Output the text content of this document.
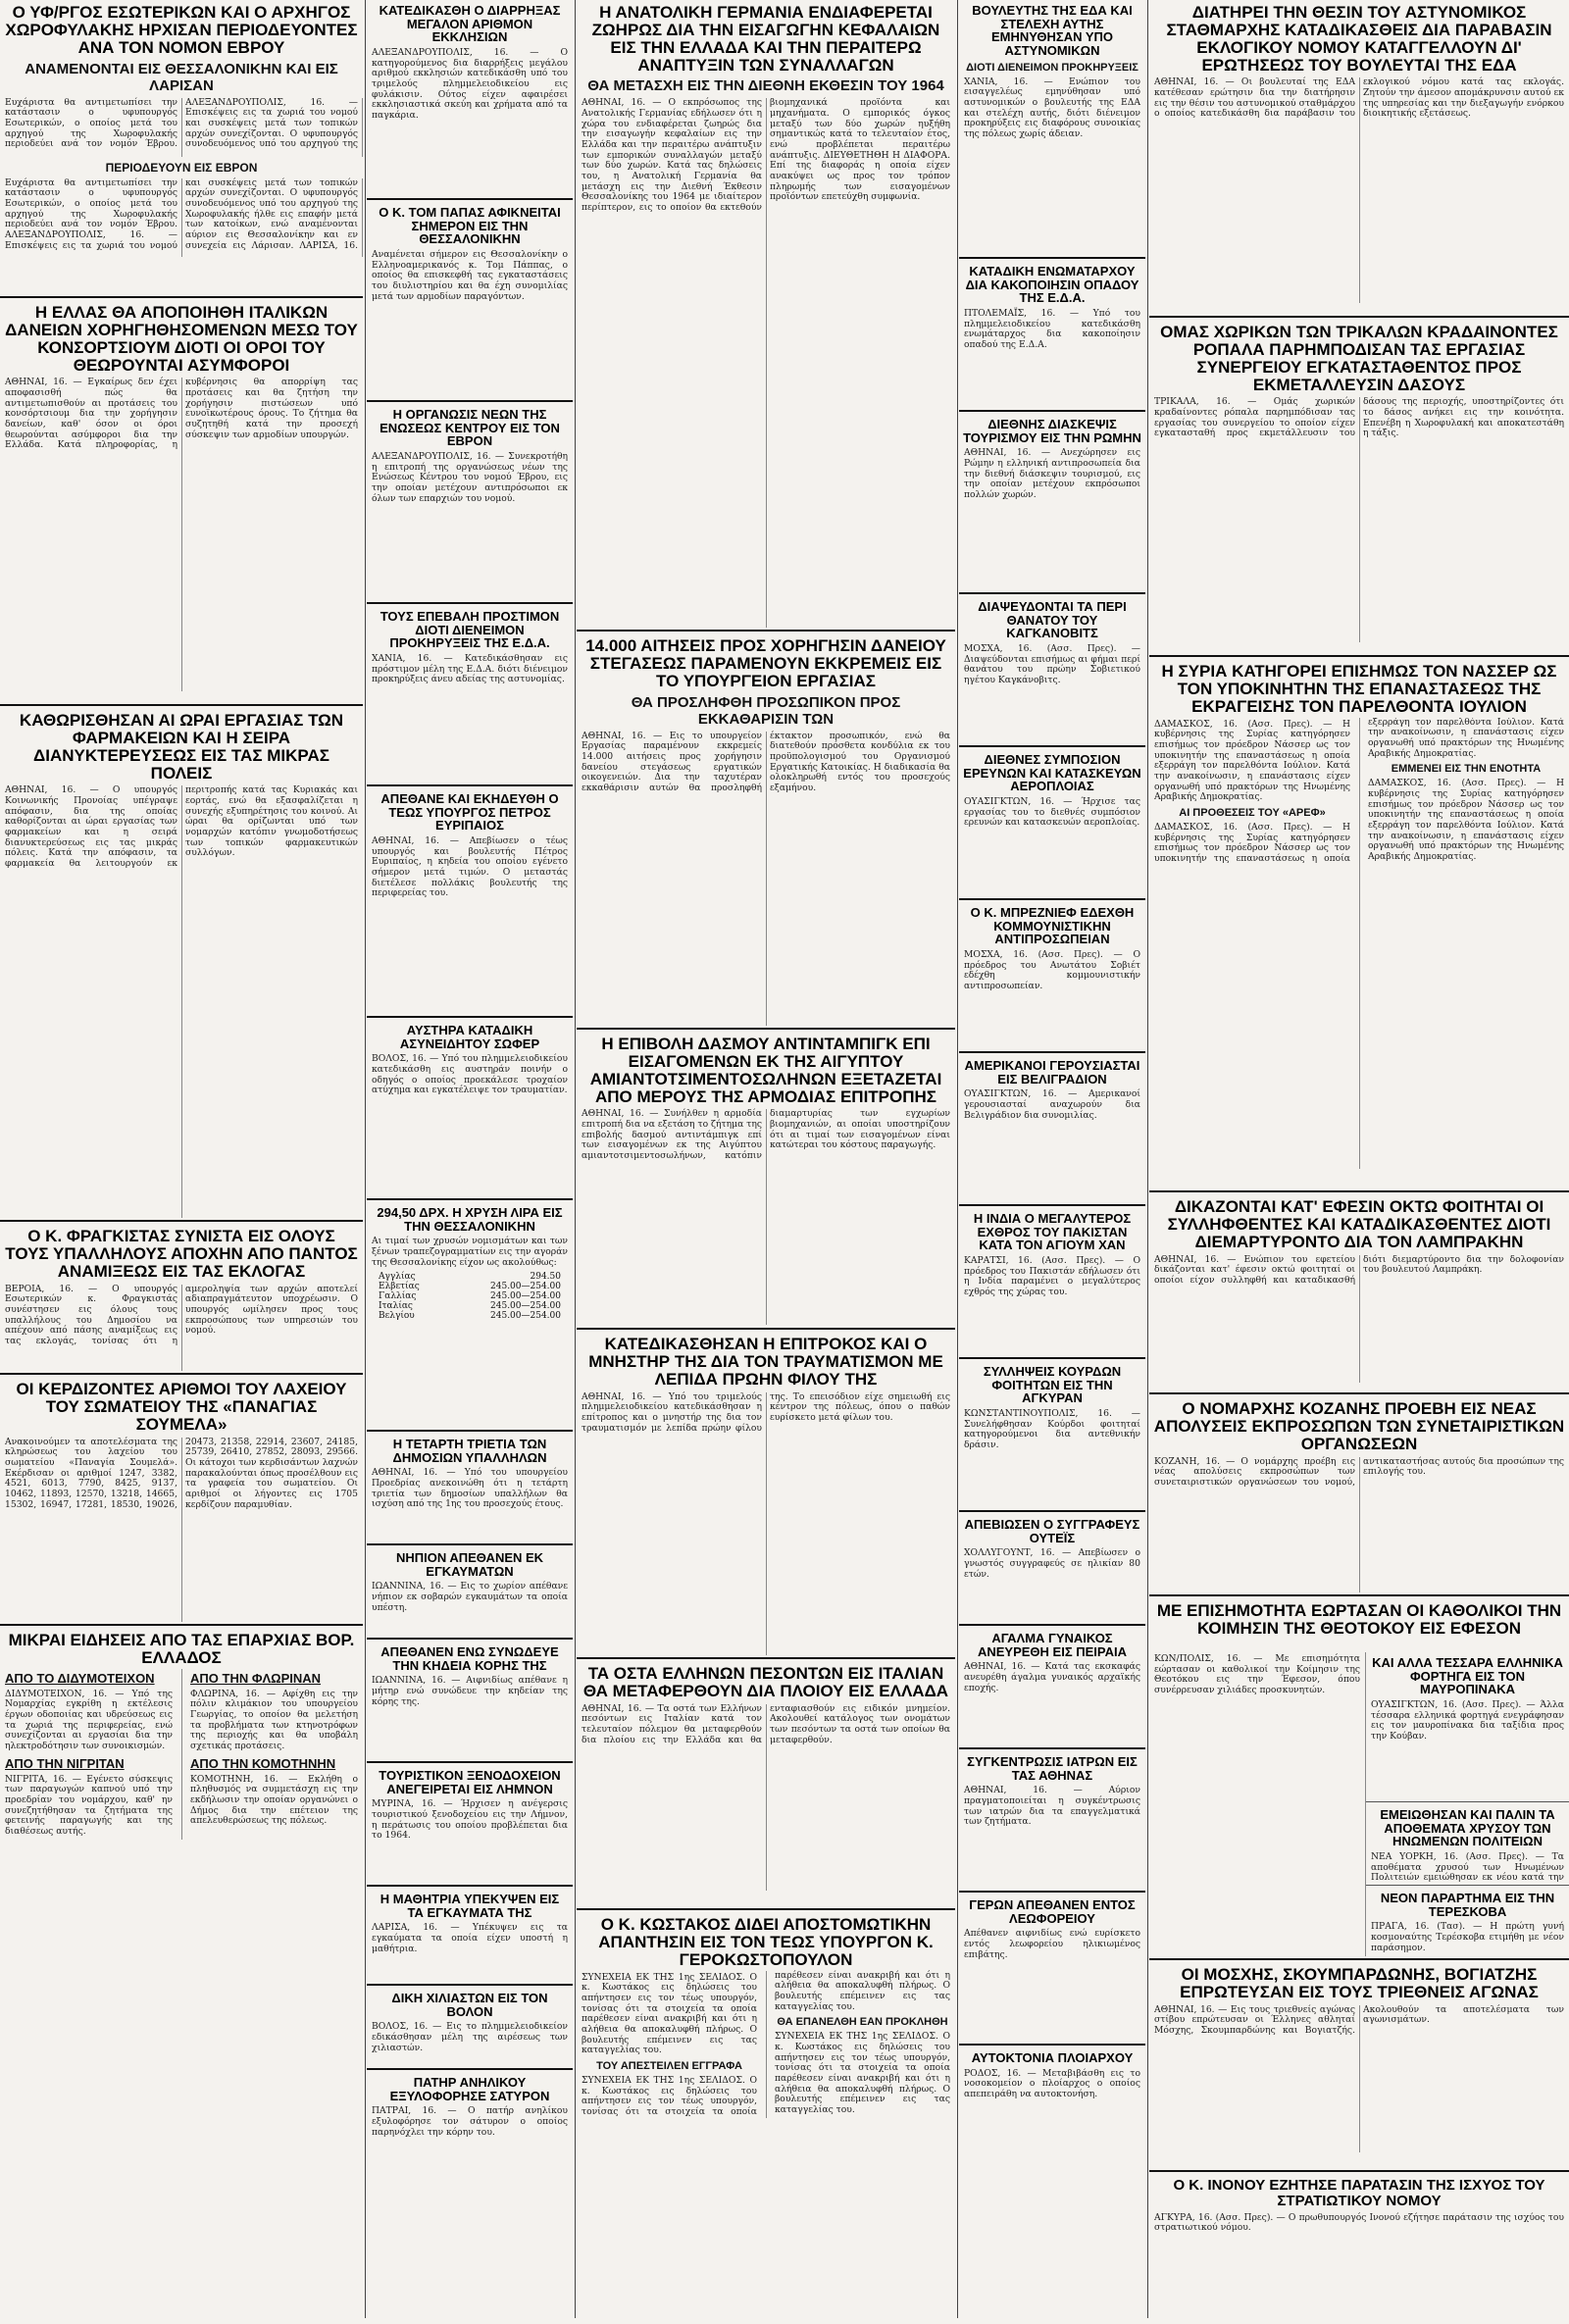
Ο ΥΦ/ΡΓΟΣ ΕΣΩΤΕΡΙΚΩΝ ΚΑΙ Ο ΑΡΧΗΓΟΣ ΧΩΡΟΦΥΛΑΚΗΣ ΗΡΧΙΣΑΝ ΠΕΡΙΟΔΕΥΟΝΤΕΣ ΑΝΑ ΤΟΝ ΝΟΜΟΝ ΕΒΡΟΥ
ΑΝΑΜΕΝΟΝΤΑΙ ΕΙΣ ΘΕΣΣΑΛΟΝΙΚΗΝ ΚΑΙ ΕΙΣ ΛΑΡΙΣΑΝ
Ευχάριστα θα αντιμετωπίσει την κατάστασιν ο υφυπουργός Εσωτερικών, ο οποίος μετά του αρχηγού της Χωροφυλακής περιοδεύει ανά τον νομόν Έβρου. ΑΛΕΞΑΝΔΡΟΥΠΟΛΙΣ, 16. — Επισκέψεις εις τα χωριά του νομού και συσκέψεις μετά των τοπικών αρχών συνεχίζονται. Ο υφυπουργός συνοδευόμενος υπό του αρχηγού της
ΠΕΡΙΟΔΕΥΟΥΝ ΕΙΣ ΕΒΡΟΝ
Ευχάριστα θα αντιμετωπίσει την κατάστασιν ο υφυπουργός Εσωτερικών, ο οποίος μετά του αρχηγού της Χωροφυλακής περιοδεύει ανά τον νομόν Έβρου. ΑΛΕΞΑΝΔΡΟΥΠΟΛΙΣ, 16. — Επισκέψεις εις τα χωριά του νομού και συσκέψεις μετά των τοπικών αρχών συνεχίζονται. Ο υφυπουργός συνοδευόμενος υπό του αρχηγού της Χωροφυλακής ήλθε εις επαφήν μετά των κατοίκων, ενώ αναμένονται αύριον εις Θεσσαλονίκην και εν συνεχεία εις Λάρισαν. ΛΑΡΙΣΑ, 16.
Η ΕΛΛΑΣ ΘΑ ΑΠΟΠΟΙΗΘΗ ΙΤΑΛΙΚΩΝ ΔΑΝΕΙΩΝ ΧΟΡΗΓΗΘΗΣΟΜΕΝΩΝ ΜΕΣΩ ΤΟΥ ΚΟΝΣΟΡΤΣΙΟΥΜ ΔΙΟΤΙ ΟΙ ΟΡΟΙ ΤΟΥ ΘΕΩΡΟΥΝΤΑΙ ΑΣΥΜΦΟΡΟΙ
ΑΘΗΝΑΙ, 16. — Εγκαίρως δεν έχει αποφασισθή πώς θα αντιμετωπισθούν αι προτάσεις του κονσόρτσιουμ δια την χορήγησιν δανείων, καθ' όσον οι όροι θεωρούνται ασύμφοροι δια την Ελλάδα. Κατά πληροφορίας, η κυβέρνησις θα απορρίψη τας προτάσεις και θα ζητήση την χορήγησιν πιστώσεων υπό ευνοϊκωτέρους όρους. Το ζήτημα θα συζητηθή κατά την προσεχή σύσκεψιν των αρμοδίων υπουργών.
ΚΑΘΩΡΙΣΘΗΣΑΝ ΑΙ ΩΡΑΙ ΕΡΓΑΣΙΑΣ ΤΩΝ ΦΑΡΜΑΚΕΙΩΝ ΚΑΙ Η ΣΕΙΡΑ ΔΙΑΝΥΚΤΕΡΕΥΣΕΩΣ ΕΙΣ ΤΑΣ ΜΙΚΡΑΣ ΠΟΛΕΙΣ
ΑΘΗΝΑΙ, 16. — Ο υπουργός Κοινωνικής Προνοίας υπέγραψε απόφασιν, δια της οποίας καθορίζονται αι ώραι εργασίας των φαρμακείων και η σειρά διανυκτερεύσεως εις τας μικράς πόλεις. Κατά την απόφασιν, τα φαρμακεία θα λειτουργούν εκ περιτροπής κατά τας Κυριακάς και εορτάς, ενώ θα εξασφαλίζεται η συνεχής εξυπηρέτησις του κοινού. Αι ώραι θα ορίζωνται υπό των νομαρχών κατόπιν γνωμοδοτήσεως των τοπικών φαρμακευτικών συλλόγων.
Ο Κ. ΦΡΑΓΚΙΣΤΑΣ ΣΥΝΙΣΤΑ ΕΙΣ ΟΛΟΥΣ ΤΟΥΣ ΥΠΑΛΛΗΛΟΥΣ ΑΠΟΧΗΝ ΑΠΟ ΠΑΝΤΟΣ ΑΝΑΜΙΞΕΩΣ ΕΙΣ ΤΑΣ ΕΚΛΟΓΑΣ
ΒΕΡΟΙΑ, 16. — Ο υπουργός Εσωτερικών κ. Φραγκιστάς συνέστησεν εις όλους τους υπαλλήλους του Δημοσίου να απέχουν από πάσης αναμίξεως εις τας εκλογάς, τονίσας ότι η αμεροληψία των αρχών αποτελεί αδιαπραγμάτευτον υποχρέωσιν. Ο υπουργός ωμίλησεν προς τους εκπροσώπους των υπηρεσιών του νομού.
ΟΙ ΚΕΡΔΙΖΟΝΤΕΣ ΑΡΙΘΜΟΙ ΤΟΥ ΛΑΧΕΙΟΥ ΤΟΥ ΣΩΜΑΤΕΙΟΥ ΤΗΣ «ΠΑΝΑΓΙΑΣ ΣΟΥΜΕΛΑ»
Ανακοινούμεν τα αποτελέσματα της κληρώσεως του λαχείου του σωματείου «Παναγία Σουμελά». Εκέρδισαν οι αριθμοί 1247, 3382, 4521, 6013, 7790, 8425, 9137, 10462, 11893, 12570, 13218, 14665, 15302, 16947, 17281, 18530, 19026, 20473, 21358, 22914, 23607, 24185, 25739, 26410, 27852, 28093, 29566. Οι κάτοχοι των κερδισάντων λαχνών παρακαλούνται όπως προσέλθουν εις τα γραφεία του σωματείου. Οι αριθμοί οι λήγοντες εις 1705 κερδίζουν παραμυθίαν.
ΜΙΚΡΑΙ ΕΙΔΗΣΕΙΣ ΑΠΟ ΤΑΣ ΕΠΑΡΧΙΑΣ ΒΟΡ. ΕΛΛΑΔΟΣ
ΑΠΟ ΤΟ ΔΙΔΥΜΟΤΕΙΧΟΝ
ΔΙΔΥΜΟΤΕΙΧΟΝ, 16. — Υπό της Νομαρχίας εγκρίθη η εκτέλεσις έργων οδοποιίας και υδρεύσεως εις τα χωριά της περιφερείας, ενώ συνεχίζονται αι εργασίαι δια την ηλεκτροδότησιν των συνοικισμών.
ΑΠΟ ΤΗΝ ΝΙΓΡΙΤΑΝ
ΝΙΓΡΙΤΑ, 16. — Εγένετο σύσκεψις των παραγωγών καπνού υπό την προεδρίαν του νομάρχου, καθ' ην συνεζητήθησαν τα ζητήματα της φετεινής παραγωγής και της διαθέσεως αυτής.
ΑΠΟ ΤΗΝ ΦΛΩΡΙΝΑΝ
ΦΛΩΡΙΝΑ, 16. — Αφίχθη εις την πόλιν κλιμάκιον του υπουργείου Γεωργίας, το οποίον θα μελετήση τα προβλήματα των κτηνοτρόφων της περιοχής και θα υποβάλη σχετικάς προτάσεις.
ΑΠΟ ΤΗΝ ΚΟΜΟΤΗΝΗΝ
ΚΟΜΟΤΗΝΗ, 16. — Εκλήθη ο πληθυσμός να συμμετάσχη εις την εκδήλωσιν την οποίαν οργανώνει ο Δήμος δια την επέτειον της απελευθερώσεως της πόλεως.
ΚΑΤΕΔΙΚΑΣΘΗ Ο ΔΙΑΡΡΗΞΑΣ ΜΕΓΑΛΟΝ ΑΡΙΘΜΟΝ ΕΚΚΛΗΣΙΩΝ
ΑΛΕΞΑΝΔΡΟΥΠΟΛΙΣ, 16. — Ο κατηγορούμενος δια διαρρήξεις μεγάλου αριθμού εκκλησιών κατεδικάσθη υπό του τριμελούς πλημμελειοδικείου εις φυλάκισιν. Ούτος είχεν αφαιρέσει εκκλησιαστικά σκεύη και χρήματα από τα παγκάρια.
Ο Κ. ΤΟΜ ΠΑΠΑΣ ΑΦΙΚΝΕΙΤΑΙ ΣΗΜΕΡΟΝ ΕΙΣ ΤΗΝ ΘΕΣΣΑΛΟΝΙΚΗΝ
Αναμένεται σήμερον εις Θεσσαλονίκην ο Ελληνοαμερικανός κ. Τομ Πάππας, ο οποίος θα επισκεφθή τας εγκαταστάσεις του διυλιστηρίου και θα έχη συνομιλίας μετά των αρμοδίων παραγόντων.
Η ΟΡΓΑΝΩΣΙΣ ΝΕΩΝ ΤΗΣ ΕΝΩΣΕΩΣ ΚΕΝΤΡΟΥ ΕΙΣ ΤΟΝ ΕΒΡΟΝ
ΑΛΕΞΑΝΔΡΟΥΠΟΛΙΣ, 16. — Συνεκροτήθη η επιτροπή της οργανώσεως νέων της Ενώσεως Κέντρου του νομού Έβρου, εις την οποίαν μετέχουν αντιπρόσωποι εκ όλων των επαρχιών του νομού.
ΤΟΥΣ ΕΠΕΒΑΛΗ ΠΡΟΣΤΙΜΟΝ ΔΙΟΤΙ ΔΙΕΝΕΙΜΟΝ ΠΡΟΚΗΡΥΞΕΙΣ ΤΗΣ Ε.Δ.Α.
ΧΑΝΙΑ, 16. — Κατεδικάσθησαν εις πρόστιμον μέλη της Ε.Δ.Α. διότι διένειμον προκηρύξεις άνευ αδείας της αστυνομίας.
ΑΠΕΘΑΝΕ ΚΑΙ ΕΚΗΔΕΥΘΗ Ο ΤΕΩΣ ΥΠΟΥΡΓΟΣ ΠΕΤΡΟΣ ΕΥΡΙΠΑΙΟΣ
ΑΘΗΝΑΙ, 16. — Απεβίωσεν ο τέως υπουργός και βουλευτής Πέτρος Ευριπαίος, η κηδεία του οποίου εγένετο σήμερον μετά τιμών. Ο μεταστάς διετέλεσε πολλάκις βουλευτής της περιφερείας του.
ΑΥΣΤΗΡΑ ΚΑΤΑΔΙΚΗ ΑΣΥΝΕΙΔΗΤΟΥ ΣΩΦΕΡ
ΒΟΛΟΣ, 16. — Υπό του πλημμελειοδικείου κατεδικάσθη εις αυστηράν ποινήν ο οδηγός ο οποίος προεκάλεσε τροχαίον ατύχημα και εγκατέλειψε τον τραυματίαν.
294,50 ΔΡΧ. Η ΧΡΥΣΗ ΛΙΡΑ ΕΙΣ ΤΗΝ ΘΕΣΣΑΛΟΝΙΚΗΝ
Αι τιμαί των χρυσών νομισμάτων και των ξένων τραπεζογραμματίων εις την αγοράν της Θεσσαλονίκης είχον ως ακολούθως:
Αγγλίας	294.50
Ελβετίας	245.00—254.00
Γαλλίας	245.00—254.00
Ιταλίας	245.00—254.00
Βελγίου	245.00—254.00
Η ΤΕΤΑΡΤΗ ΤΡΙΕΤΙΑ ΤΩΝ ΔΗΜΟΣΙΩΝ ΥΠΑΛΛΗΛΩΝ
ΑΘΗΝΑΙ, 16. — Υπό του υπουργείου Προεδρίας ανεκοινώθη ότι η τετάρτη τριετία των δημοσίων υπαλλήλων θα ισχύση από της 1ης του προσεχούς έτους.
ΝΗΠΙΟΝ ΑΠΕΘΑΝΕΝ ΕΚ ΕΓΚΑΥΜΑΤΩΝ
ΙΩΑΝΝΙΝΑ, 16. — Εις το χωρίον απέθανε νήπιον εκ σοβαρών εγκαυμάτων τα οποία υπέστη.
ΑΠΕΘΑΝΕΝ ΕΝΩ ΣΥΝΩΔΕΥΕ ΤΗΝ ΚΗΔΕΙΑ ΚΟΡΗΣ ΤΗΣ
ΙΩΑΝΝΙΝΑ, 16. — Αιφνιδίως απέθανε η μήτηρ ενώ συνώδευε την κηδείαν της κόρης της.
ΤΟΥΡΙΣΤΙΚΟΝ ΞΕΝΟΔΟΧΕΙΟΝ ΑΝΕΓΕΙΡΕΤΑΙ ΕΙΣ ΛΗΜΝΟΝ
ΜΥΡΙΝΑ, 16. — Ήρχισεν η ανέγερσις τουριστικού ξενοδοχείου εις την Λήμνον, η περάτωσις του οποίου προβλέπεται δια το 1964.
Η ΜΑΘΗΤΡΙΑ ΥΠΕΚΥΨΕΝ ΕΙΣ ΤΑ ΕΓΚΑΥΜΑΤΑ ΤΗΣ
ΛΑΡΙΣΑ, 16. — Υπέκυψεν εις τα εγκαύματα τα οποία είχεν υποστή η μαθήτρια.
ΔΙΚΗ ΧΙΛΙΑΣΤΩΝ ΕΙΣ ΤΟΝ ΒΟΛΟΝ
ΒΟΛΟΣ, 16. — Εις το πλημμελειοδικείον εδικάσθησαν μέλη της αιρέσεως των χιλιαστών.
ΠΑΤΗΡ ΑΝΗΛΙΚΟΥ ΕΞΥΛΟΦΟΡΗΣΕ ΣΑΤΥΡΟΝ
ΠΑΤΡΑΙ, 16. — Ο πατήρ ανηλίκου εξυλοφόρησε τον σάτυρον ο οποίος παρηνόχλει την κόρην του.
Η ΑΝΑΤΟΛΙΚΗ ΓΕΡΜΑΝΙΑ ΕΝΔΙΑΦΕΡΕΤΑΙ ΖΩΗΡΩΣ ΔΙΑ ΤΗΝ ΕΙΣΑΓΩΓΗΝ ΚΕΦΑΛΑΙΩΝ ΕΙΣ ΤΗΝ ΕΛΛΑΔΑ ΚΑΙ ΤΗΝ ΠΕΡΑΙΤΕΡΩ ΑΝΑΠΤΥΞΙΝ ΤΩΝ ΣΥΝΑΛΛΑΓΩΝ
ΘΑ ΜΕΤΑΣΧΗ ΕΙΣ ΤΗΝ ΔΙΕΘΝΗ ΕΚΘΕΣΙΝ ΤΟΥ 1964
ΑΘΗΝΑΙ, 16. — Ο εκπρόσωπος της Ανατολικής Γερμανίας εδήλωσεν ότι η χώρα του ενδιαφέρεται ζωηρώς δια την εισαγωγήν κεφαλαίων εις την Ελλάδα και την περαιτέρω ανάπτυξιν των εμπορικών συναλλαγών μεταξύ των δύο χωρών. Κατά τας δηλώσεις του, η Ανατολική Γερμανία θα μετάσχη εις την Διεθνή Έκθεσιν Θεσσαλονίκης του 1964 με ιδιαίτερον περίπτερον, εις το οποίον θα εκτεθούν βιομηχανικά προϊόντα και μηχανήματα. Ο εμπορικός όγκος μεταξύ των δύο χωρών ηυξήθη σημαντικώς κατά το τελευταίον έτος, ενώ προβλέπεται περαιτέρω ανάπτυξις. ΔΙΕΥΘΕΤΗΘΗ Η ΔΙΑΦΟΡΑ. Επί της διαφοράς η οποία είχεν ανακύψει ως προς τον τρόπον πληρωμής των εισαγομένων προϊόντων επετεύχθη συμφωνία.
14.000 ΑΙΤΗΣΕΙΣ ΠΡΟΣ ΧΟΡΗΓΗΣΙΝ ΔΑΝΕΙΟΥ ΣΤΕΓΑΣΕΩΣ ΠΑΡΑΜΕΝΟΥΝ ΕΚΚΡΕΜΕΙΣ ΕΙΣ ΤΟ ΥΠΟΥΡΓΕΙΟΝ ΕΡΓΑΣΙΑΣ
ΘΑ ΠΡΟΣΛΗΦΘΗ ΠΡΟΣΩΠΙΚΟΝ ΠΡΟΣ ΕΚΚΑΘΑΡΙΣΙΝ ΤΩΝ
ΑΘΗΝΑΙ, 16. — Εις το υπουργείον Εργασίας παραμένουν εκκρεμείς 14.000 αιτήσεις προς χορήγησιν δανείου στεγάσεως εργατικών οικογενειών. Δια την ταχυτέραν εκκαθάρισιν αυτών θα προσληφθή έκτακτον προσωπικόν, ενώ θα διατεθούν πρόσθετα κονδύλια εκ του προϋπολογισμού του Οργανισμού Εργατικής Κατοικίας. Η διαδικασία θα ολοκληρωθή εντός του προσεχούς εξαμήνου.
Η ΕΠΙΒΟΛΗ ΔΑΣΜΟΥ ΑΝΤΙΝΤΑΜΠΙΓΚ ΕΠΙ ΕΙΣΑΓΟΜΕΝΩΝ ΕΚ ΤΗΣ ΑΙΓΥΠΤΟΥ ΑΜΙΑΝΤΟΤΣΙΜΕΝΤΟΣΩΛΗΝΩΝ ΕΞΕΤΑΖΕΤΑΙ ΑΠΟ ΜΕΡΟΥΣ ΤΗΣ ΑΡΜΟΔΙΑΣ ΕΠΙΤΡΟΠΗΣ
ΑΘΗΝΑΙ, 16. — Συνήλθεν η αρμοδία επιτροπή δια να εξετάση το ζήτημα της επιβολής δασμού αντιντάμπιγκ επί των εισαγομένων εκ της Αιγύπτου αμιαντοτσιμεντοσωλήνων, κατόπιν διαμαρτυρίας των εγχωρίων βιομηχανιών, αι οποίαι υποστηρίζουν ότι αι τιμαί των εισαγομένων είναι κατώτεραι του κόστους παραγωγής.
ΚΑΤΕΔΙΚΑΣΘΗΣΑΝ Η ΕΠΙΤΡΟΚΟΣ ΚΑΙ Ο ΜΝΗΣΤΗΡ ΤΗΣ ΔΙΑ ΤΟΝ ΤΡΑΥΜΑΤΙΣΜΟΝ ΜΕ ΛΕΠΙΔΑ ΠΡΩΗΝ ΦΙΛΟΥ ΤΗΣ
ΑΘΗΝΑΙ, 16. — Υπό του τριμελούς πλημμελειοδικείου κατεδικάσθησαν η επίτροπος και ο μνηστήρ της δια τον τραυματισμόν με λεπίδα πρώην φίλου της. Το επεισόδιον είχε σημειωθή εις κέντρον της πόλεως, όπου ο παθών ευρίσκετο μετά φίλων του.
ΤΑ ΟΣΤΑ ΕΛΛΗΝΩΝ ΠΕΣΟΝΤΩΝ ΕΙΣ ΙΤΑΛΙΑΝ ΘΑ ΜΕΤΑΦΕΡΘΟΥΝ ΔΙΑ ΠΛΟΙΟΥ ΕΙΣ ΕΛΛΑΔΑ
ΑΘΗΝΑΙ, 16. — Τα οστά των Ελλήνων πεσόντων εις Ιταλίαν κατά τον τελευταίον πόλεμον θα μεταφερθούν δια πλοίου εις την Ελλάδα και θα ενταφιασθούν εις ειδικόν μνημείον. Ακολουθεί κατάλογος των ονομάτων των πεσόντων τα οστά των οποίων θα μεταφερθούν.
Ο Κ. ΚΩΣΤΑΚΟΣ ΔΙΔΕΙ ΑΠΟΣΤΟΜΩΤΙΚΗΝ ΑΠΑΝΤΗΣΙΝ ΕΙΣ ΤΟΝ ΤΕΩΣ ΥΠΟΥΡΓΟΝ Κ. ΓΕΡΟΚΩΣΤΟΠΟΥΛΟΝ
ΣΥΝΕΧΕΙΑ ΕΚ ΤΗΣ 1ης ΣΕΛΙΔΟΣ. Ο κ. Κωστάκος εις δηλώσεις του απήντησεν εις τον τέως υπουργόν, τονίσας ότι τα στοιχεία τα οποία παρέθεσεν είναι ανακριβή και ότι η αλήθεια θα αποκαλυφθή πλήρως. Ο βουλευτής επέμεινεν εις τας καταγγελίας του.
ΤΟΥ ΑΠΕΣΤΕΙΛΕΝ ΕΓΓΡΑΦΑ
ΣΥΝΕΧΕΙΑ ΕΚ ΤΗΣ 1ης ΣΕΛΙΔΟΣ. Ο κ. Κωστάκος εις δηλώσεις του απήντησεν εις τον τέως υπουργόν, τονίσας ότι τα στοιχεία τα οποία παρέθεσεν είναι ανακριβή και ότι η αλήθεια θα αποκαλυφθή πλήρως. Ο βουλευτής επέμεινεν εις τας καταγγελίας του.
ΘΑ ΕΠΑΝΕΛΘΗ ΕΑΝ ΠΡΟΚΛΗΘΗ
ΣΥΝΕΧΕΙΑ ΕΚ ΤΗΣ 1ης ΣΕΛΙΔΟΣ. Ο κ. Κωστάκος εις δηλώσεις του απήντησεν εις τον τέως υπουργόν, τονίσας ότι τα στοιχεία τα οποία παρέθεσεν είναι ανακριβή και ότι η αλήθεια θα αποκαλυφθή πλήρως. Ο βουλευτής επέμεινεν εις τας καταγγελίας του.
ΒΟΥΛΕΥΤΗΣ ΤΗΣ ΕΔΑ ΚΑΙ ΣΤΕΛΕΧΗ ΑΥΤΗΣ ΕΜΗΝΥΘΗΣΑΝ ΥΠΟ ΑΣΤΥΝΟΜΙΚΩΝ
ΔΙΟΤΙ ΔΙΕΝΕΙΜΟΝ ΠΡΟΚΗΡΥΞΕΙΣ
ΧΑΝΙΑ, 16. — Ενώπιον του εισαγγελέως εμηνύθησαν υπό αστυνομικών ο βουλευτής της ΕΔΑ και στελέχη αυτής, διότι διένειμον προκηρύξεις εις διαφόρους συνοικίας της πόλεως χωρίς άδειαν.
ΚΑΤΑΔΙΚΗ ΕΝΩΜΑΤΑΡΧΟΥ ΔΙΑ ΚΑΚΟΠΟΙΗΣΙΝ ΟΠΑΔΟΥ ΤΗΣ Ε.Δ.Α.
ΠΤΟΛΕΜΑΪΣ, 16. — Υπό του πλημμελειοδικείου κατεδικάσθη ενωμάταρχος δια κακοποίησιν οπαδού της Ε.Δ.Α.
ΔΙΕΘΝΗΣ ΔΙΑΣΚΕΨΙΣ ΤΟΥΡΙΣΜΟΥ ΕΙΣ ΤΗΝ ΡΩΜΗΝ
ΑΘΗΝΑΙ, 16. — Ανεχώρησεν εις Ρώμην η ελληνική αντιπροσωπεία δια την διεθνή διάσκεψιν τουρισμού, εις την οποίαν μετέχουν εκπρόσωποι πολλών χωρών.
ΔΙΑΨΕΥΔΟΝΤΑΙ ΤΑ ΠΕΡΙ ΘΑΝΑΤΟΥ ΤΟΥ ΚΑΓΚΑΝΟΒΙΤΣ
ΜΟΣΧΑ, 16. (Ασσ. Πρες). — Διαψεύδονται επισήμως αι φήμαι περί θανάτου του πρώην Σοβιετικού ηγέτου Καγκάνοβιτς.
ΔΙΕΘΝΕΣ ΣΥΜΠΟΣΙΟΝ ΕΡΕΥΝΩΝ ΚΑΙ ΚΑΤΑΣΚΕΥΩΝ ΑΕΡΟΠΛΟΙΑΣ
ΟΥΑΣΙΓΚΤΩΝ, 16. — Ήρχισε τας εργασίας του το διεθνές συμπόσιον ερευνών και κατασκευών αεροπλοίας.
Ο Κ. ΜΠΡΕΖΝΙΕΦ ΕΔΕΧΘΗ ΚΟΜΜΟΥΝΙΣΤΙΚΗΝ ΑΝΤΙΠΡΟΣΩΠΕΙΑΝ
ΜΟΣΧΑ, 16. (Ασσ. Πρες). — Ο πρόεδρος του Ανωτάτου Σοβιέτ εδέχθη κομμουνιστικήν αντιπροσωπείαν.
ΑΜΕΡΙΚΑΝΟΙ ΓΕΡΟΥΣΙΑΣΤΑΙ ΕΙΣ ΒΕΛΙΓΡΑΔΙΟΝ
ΟΥΑΣΙΓΚΤΩΝ, 16. — Αμερικανοί γερουσιασταί αναχωρούν δια Βελιγράδιον δια συνομιλίας.
Η ΙΝΔΙΑ Ο ΜΕΓΑΛΥΤΕΡΟΣ ΕΧΘΡΟΣ ΤΟΥ ΠΑΚΙΣΤΑΝ ΚΑΤΑ ΤΟΝ ΑΓΙΟΥΜ ΧΑΝ
ΚΑΡΑΤΣΙ, 16. (Ασσ. Πρες). — Ο πρόεδρος του Πακιστάν εδήλωσεν ότι η Ινδία παραμένει ο μεγαλύτερος εχθρός της χώρας του.
ΣΥΛΛΗΨΕΙΣ ΚΟΥΡΔΩΝ ΦΟΙΤΗΤΩΝ ΕΙΣ ΤΗΝ ΑΓΚΥΡΑΝ
ΚΩΝΣΤΑΝΤΙΝΟΥΠΟΛΙΣ, 16. — Συνελήφθησαν Κούρδοι φοιτηταί κατηγορούμενοι δια αντεθνικήν δράσιν.
ΑΠΕΒΙΩΣΕΝ Ο ΣΥΓΓΡΑΦΕΥΣ ΟΥΤΕΪΣ
ΧΟΛΛΥΓΟΥΝΤ, 16. — Απεβίωσεν ο γνωστός συγγραφεύς σε ηλικίαν 80 ετών.
ΑΓΑΛΜΑ ΓΥΝΑΙΚΟΣ ΑΝΕΥΡΕΘΗ ΕΙΣ ΠΕΙΡΑΙΑ
ΑΘΗΝΑΙ, 16. — Κατά τας εκσκαφάς ανευρέθη άγαλμα γυναικός αρχαϊκής εποχής.
ΣΥΓΚΕΝΤΡΩΣΙΣ ΙΑΤΡΩΝ ΕΙΣ ΤΑΣ ΑΘΗΝΑΣ
ΑΘΗΝΑΙ, 16. — Αύριον πραγματοποιείται η συγκέντρωσις των ιατρών δια τα επαγγελματικά των ζητήματα.
ΓΕΡΩΝ ΑΠΕΘΑΝΕΝ ΕΝΤΟΣ ΛΕΩΦΟΡΕΙΟΥ
Απέθανεν αιφνιδίως ενώ ευρίσκετο εντός λεωφορείου ηλικιωμένος επιβάτης.
ΑΥΤΟΚΤΟΝΙΑ ΠΛΟΙΑΡΧΟΥ
ΡΟΔΟΣ, 16. — Μεταβιβάσθη εις το νοσοκομείον ο πλοίαρχος ο οποίος απεπειράθη να αυτοκτονήση.
ΔΙΑΤΗΡΕΙ ΤΗΝ ΘΕΣΙΝ ΤΟΥ ΑΣΤΥΝΟΜΙΚΟΣ ΣΤΑΘΜΑΡΧΗΣ ΚΑΤΑΔΙΚΑΣΘΕΙΣ ΔΙΑ ΠΑΡΑΒΑΣΙΝ ΕΚΛΟΓΙΚΟΥ ΝΟΜΟΥ ΚΑΤΑΓΓΕΛΛΟΥΝ ΔΙ' ΕΡΩΤΗΣΕΩΣ ΤΟΥ ΒΟΥΛΕΥΤΑΙ ΤΗΣ ΕΔΑ
ΑΘΗΝΑΙ, 16. — Οι βουλευταί της ΕΔΑ κατέθεσαν ερώτησιν δια την διατήρησιν εις την θέσιν του αστυνομικού σταθμάρχου ο οποίος κατεδικάσθη δια παράβασιν του εκλογικού νόμου κατά τας εκλογάς. Ζητούν την άμεσον απομάκρυνσιν αυτού εκ της υπηρεσίας και την διεξαγωγήν ενόρκου διοικητικής εξετάσεως.
ΟΜΑΣ ΧΩΡΙΚΩΝ ΤΩΝ ΤΡΙΚΑΛΩΝ ΚΡΑΔΑΙΝΟΝΤΕΣ ΡΟΠΑΛΑ ΠΑΡΗΜΠΟΔΙΣΑΝ ΤΑΣ ΕΡΓΑΣΙΑΣ ΣΥΝΕΡΓΕΙΟΥ ΕΓΚΑΤΑΣΤΑΘΕΝΤΟΣ ΠΡΟΣ ΕΚΜΕΤΑΛΛΕΥΣΙΝ ΔΑΣΟΥΣ
ΤΡΙΚΑΛΑ, 16. — Ομάς χωρικών κραδαίνοντες ρόπαλα παρημπόδισαν τας εργασίας του συνεργείου το οποίον είχεν εγκατασταθή προς εκμετάλλευσιν του δάσους της περιοχής, υποστηρίζοντες ότι το δάσος ανήκει εις την κοινότητα. Επενέβη η Χωροφυλακή και αποκατεστάθη η τάξις.
Η ΣΥΡΙΑ ΚΑΤΗΓΟΡΕΙ ΕΠΙΣΗΜΩΣ ΤΟΝ ΝΑΣΣΕΡ ΩΣ ΤΟΝ ΥΠΟΚΙΝΗΤΗΝ ΤΗΣ ΕΠΑΝΑΣΤΑΣΕΩΣ ΤΗΣ ΕΚΡΑΓΕΙΣΗΣ ΤΟΝ ΠΑΡΕΛΘΟΝΤΑ ΙΟΥΛΙΟΝ
ΔΑΜΑΣΚΟΣ, 16. (Ασσ. Πρες). — Η κυβέρνησις της Συρίας κατηγόρησεν επισήμως τον πρόεδρον Νάσσερ ως τον υποκινητήν της επαναστάσεως η οποία εξερράγη τον παρελθόντα Ιούλιον. Κατά την ανακοίνωσιν, η επανάστασις είχεν οργανωθή υπό πρακτόρων της Ηνωμένης Αραβικής Δημοκρατίας.
ΑΙ ΠΡΟΘΕΣΕΙΣ ΤΟΥ «ΑΡΕΦ»
ΔΑΜΑΣΚΟΣ, 16. (Ασσ. Πρες). — Η κυβέρνησις της Συρίας κατηγόρησεν επισήμως τον πρόεδρον Νάσσερ ως τον υποκινητήν της επαναστάσεως η οποία εξερράγη τον παρελθόντα Ιούλιον. Κατά την ανακοίνωσιν, η επανάστασις είχεν οργανωθή υπό πρακτόρων της Ηνωμένης Αραβικής Δημοκρατίας.
ΕΜΜΕΝΕΙ ΕΙΣ ΤΗΝ ΕΝΟΤΗΤΑ
ΔΑΜΑΣΚΟΣ, 16. (Ασσ. Πρες). — Η κυβέρνησις της Συρίας κατηγόρησεν επισήμως τον πρόεδρον Νάσσερ ως τον υποκινητήν της επαναστάσεως η οποία εξερράγη τον παρελθόντα Ιούλιον. Κατά την ανακοίνωσιν, η επανάστασις είχεν οργανωθή υπό πρακτόρων της Ηνωμένης Αραβικής Δημοκρατίας.
ΔΙΚΑΖΟΝΤΑΙ ΚΑΤ' ΕΦΕΣΙΝ ΟΚΤΩ ΦΟΙΤΗΤΑΙ ΟΙ ΣΥΛΛΗΦΘΕΝΤΕΣ ΚΑΙ ΚΑΤΑΔΙΚΑΣΘΕΝΤΕΣ ΔΙΟΤΙ ΔΙΕΜΑΡΤΥΡΟΝΤΟ ΔΙΑ ΤΟΝ ΛΑΜΠΡΑΚΗΝ
ΑΘΗΝΑΙ, 16. — Ενώπιον του εφετείου δικάζονται κατ' έφεσιν οκτώ φοιτηταί οι οποίοι είχον συλληφθή και καταδικασθή διότι διεμαρτύροντο δια την δολοφονίαν του βουλευτού Λαμπράκη.
Ο ΝΟΜΑΡΧΗΣ ΚΟΖΑΝΗΣ ΠΡΟΕΒΗ ΕΙΣ ΝΕΑΣ ΑΠΟΛΥΣΕΙΣ ΕΚΠΡΟΣΩΠΩΝ ΤΩΝ ΣΥΝΕΤΑΙΡΙΣΤΙΚΩΝ ΟΡΓΑΝΩΣΕΩΝ
ΚΟΖΑΝΗ, 16. — Ο νομάρχης προέβη εις νέας απολύσεις εκπροσώπων των συνεταιριστικών οργανώσεων του νομού, αντικαταστήσας αυτούς δια προσώπων της επιλογής του.
ΜΕ ΕΠΙΣΗΜΟΤΗΤΑ ΕΩΡΤΑΣΑΝ ΟΙ ΚΑΘΟΛΙΚΟΙ ΤΗΝ ΚΟΙΜΗΣΙΝ ΤΗΣ ΘΕΟΤΟΚΟΥ ΕΙΣ ΕΦΕΣΟΝ
ΚΩΝ/ΠΟΛΙΣ, 16. — Με επισημότητα εώρτασαν οι καθολικοί την Κοίμησιν της Θεοτόκου εις την Έφεσον, όπου συνέρρευσαν χιλιάδες προσκυνητών.
ΚΑΙ ΑΛΛΑ ΤΕΣΣΑΡΑ ΕΛΛΗΝΙΚΑ ΦΟΡΤΗΓΑ ΕΙΣ ΤΟΝ ΜΑΥΡΟΠΙΝΑΚΑ
ΟΥΑΣΙΓΚΤΩΝ, 16. (Ασσ. Πρες). — Άλλα τέσσαρα ελληνικά φορτηγά ενεγράφησαν εις τον μαυροπίνακα δια ταξίδια προς την Κούβαν.
ΕΜΕΙΩΘΗΣΑΝ ΚΑΙ ΠΑΛΙΝ ΤΑ ΑΠΟΘΕΜΑΤΑ ΧΡΥΣΟΥ ΤΩΝ ΗΝΩΜΕΝΩΝ ΠΟΛΙΤΕΙΩΝ
ΝΕΑ ΥΟΡΚΗ, 16. (Ασσ. Πρες). — Τα αποθέματα χρυσού των Ηνωμένων Πολιτειών εμειώθησαν εκ νέου κατά την
ΝΕΟΝ ΠΑΡΑΡΤΗΜΑ ΕΙΣ ΤΗΝ ΤΕΡΕΣΚΟΒΑ
ΠΡΑΓΑ, 16. (Τασ). — Η πρώτη γυνή κοσμοναύτης Τερέσκοβα ετιμήθη με νέον παράσημον.
ΟΙ ΜΟΣΧΗΣ, ΣΚΟΥΜΠΑΡΔΩΝΗΣ, ΒΟΓΙΑΤΖΗΣ ΕΠΡΩΤΕΥΣΑΝ ΕΙΣ ΤΟΥΣ ΤΡΙΕΘΝΕΙΣ ΑΓΩΝΑΣ
ΑΘΗΝΑΙ, 16. — Εις τους τριεθνείς αγώνας στίβου επρώτευσαν οι Έλληνες αθληταί Μόσχης, Σκουμπαρδώνης και Βογιατζής. Ακολουθούν τα αποτελέσματα των αγωνισμάτων.
Ο Κ. ΙΝΟΝΟΥ ΕΖΗΤΗΣΕ ΠΑΡΑΤΑΣΙΝ ΤΗΣ ΙΣΧΥΟΣ ΤΟΥ ΣΤΡΑΤΙΩΤΙΚΟΥ ΝΟΜΟΥ
ΑΓΚΥΡΑ, 16. (Ασσ. Πρες). — Ο πρωθυπουργός Ινονού εζήτησε παράτασιν της ισχύος του στρατιωτικού νόμου.
